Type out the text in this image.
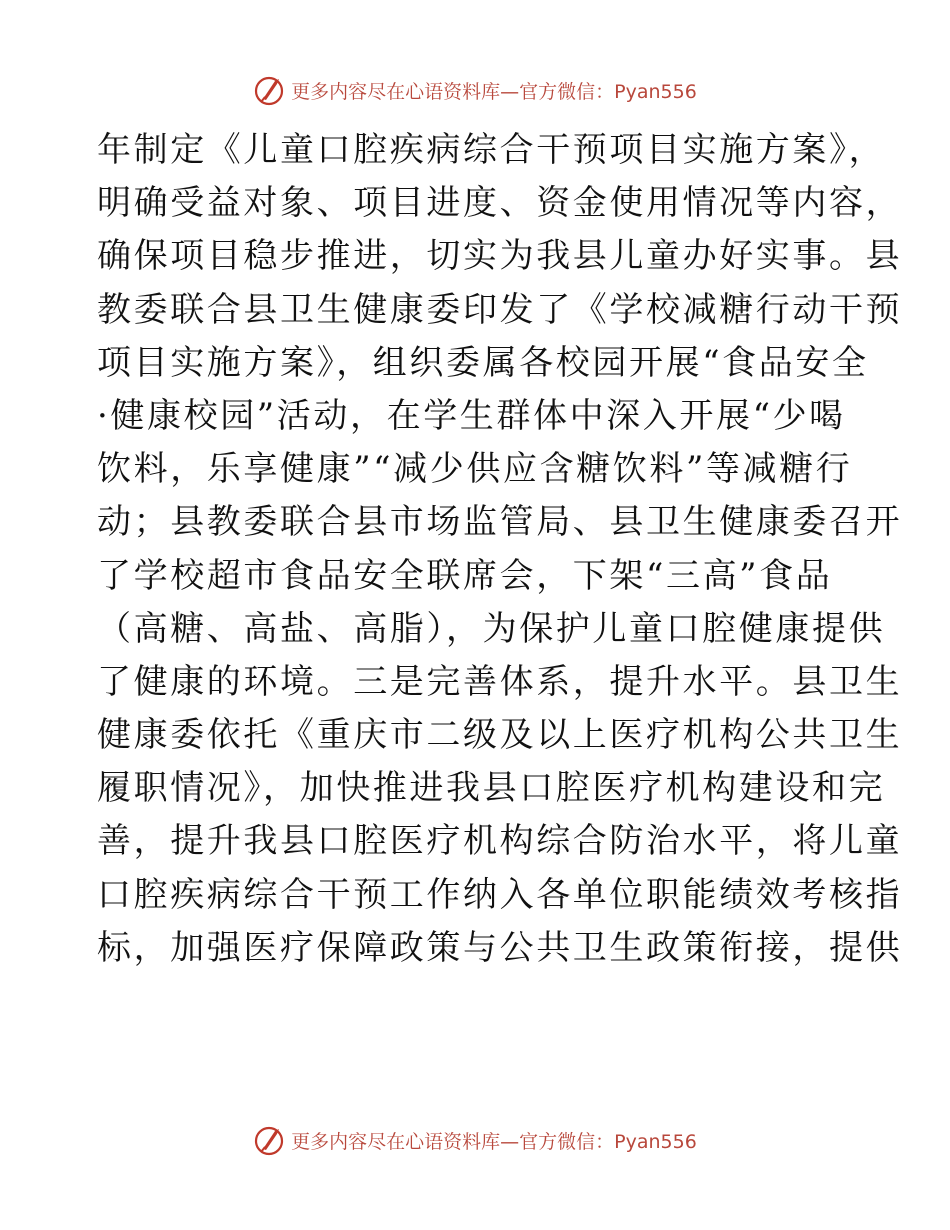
更多内容尽在心语资料库—官方微信：Pyan556
年制定《儿童口腔疾病综合干预项目实施方案》，
明确受益对象、项目进度、资金使用情况等内容，
确保项目稳步推进，切实为我县儿童办好实事。县
教委联合县卫生健康委印发了《学校减糖行动干预
项目实施方案》，组织委属各校园开展“食品安全
·健康校园”活动，在学生群体中深入开展“少喝
饮料，乐享健康”“减少供应含糖饮料”等减糖行
动；县教委联合县市场监管局、县卫生健康委召开
了学校超市食品安全联席会，下架“三高”食品
（高糖、高盐、高脂），为保护儿童口腔健康提供
了健康的环境。三是完善体系，提升水平。县卫生
健康委依托《重庆市二级及以上医疗机构公共卫生
履职情况》，加快推进我县口腔医疗机构建设和完
善，提升我县口腔医疗机构综合防治水平，将儿童
口腔疾病综合干预工作纳入各单位职能绩效考核指
标，加强医疗保障政策与公共卫生政策衔接，提供
更多内容尽在心语资料库—官方微信：Pyan556
